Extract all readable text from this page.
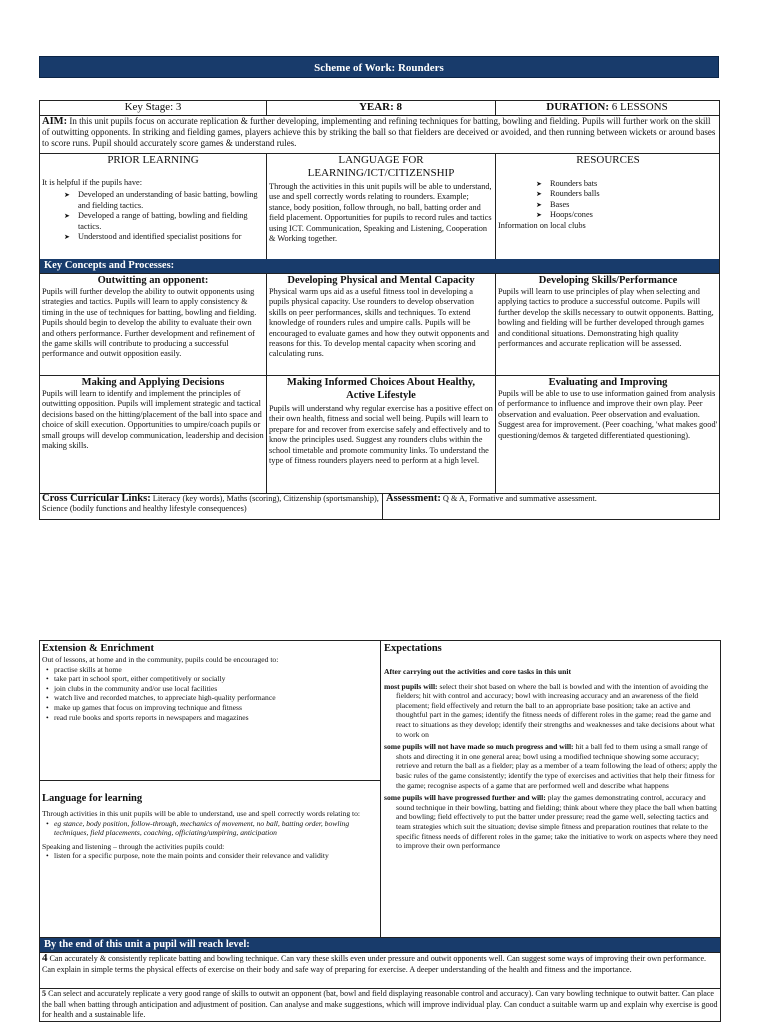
Scheme of Work: Rounders
Key Stage: 3	YEAR: 8	DURATION: 6 LESSONS
AIM: In this unit pupils focus on accurate replication & further developing, implementing and refining techniques for batting, bowling and fielding. Pupils will further work on the skill of outwitting opponents. In striking and fielding games, players achieve this by striking the ball so that fielders are deceived or avoided, and then running between wickets or around bases to score runs. Pupil should accurately score games & understand rules.
PRIOR LEARNING
It is helpful if the pupils have:
➤ Developed an understanding of basic batting, bowling and fielding tactics.
➤ Developed a range of batting, bowling and fielding tactics.
➤ Understood and identified specialist positions for
LANGUAGE FOR LEARNING/ICT/CITIZENSHIP
Through the activities in this unit pupils will be able to understand, use and spell correctly words relating to rounders. Example; stance, body position, follow through, no ball, batting order and field placement. Opportunities for pupils to record rules and tactics using ICT. Communication, Speaking and Listening, Cooperation & Working together.
RESOURCES
➤ Rounders bats
➤ Rounders balls
➤ Bases
➤ Hoops/cones
Information on local clubs
Key Concepts and Processes:
Outwitting an opponent:
Pupils will further develop the ability to outwit opponents using strategies and tactics. Pupils will learn to apply consistency & timing in the use of techniques for batting, bowling and fielding. Pupils should begin to develop the ability to evaluate their own and others performance. Further development and refinement of the game skills will contribute to producing a successful performance and outwit opposition easily.
Developing Physical and Mental Capacity
Physical warm ups aid as a useful fitness tool in developing a pupils physical capacity. Use rounders to develop observation skills on peer performances, skills and techniques. To extend knowledge of rounders rules and umpire calls. Pupils will be encouraged to evaluate games and how they outwit opponents and reasons for this. To develop mental capacity when scoring and calculating runs.
Developing Skills/Performance
Pupils will learn to use principles of play when selecting and applying tactics to produce a successful outcome. Pupils will further develop the skills necessary to outwit opponents. Batting, bowling and fielding will be further developed through games and conditional situations. Demonstrating high quality performances and accurate replication will be assessed.
Making and Applying Decisions
Pupils will learn to identify and implement the principles of outwitting opposition. Pupils will implement strategic and tactical decisions based on the hitting/placement of the ball into space and choice of skill execution. Opportunities to umpire/coach pupils or small groups will develop communication, leadership and decision making skills.
Making Informed Choices About Healthy, Active Lifestyle
Pupils will understand why regular exercise has a positive effect on their own health, fitness and social well being. Pupils will learn to prepare for and recover from exercise safely and effectively and to know the principles used. Suggest any rounders clubs within the school timetable and promote community links. To understand the type of fitness rounders players need to perform at a high level.
Evaluating and Improving
Pupils will be able to use to use information gained from analysis of performance to influence and improve their own play. Peer observation and evaluation. Peer observation and evaluation. Suggest area for improvement. (Peer coaching, 'what makes good' questioning/demos & targeted differentiated questioning).
Cross Curricular Links: Literacy (key words), Maths (scoring), Citizenship (sportsmanship), Science (bodily functions and healthy lifestyle consequences)
Assessment: Q & A, Formative and summative assessment.
Extension & Enrichment
Out of lessons, at home and in the community, pupils could be encouraged to:
• practise skills at home
• take part in school sport, either competitively or socially
• join clubs in the community and/or use local facilities
• watch live and recorded matches, to appreciate high-quality performance
• make up games that focus on improving technique and fitness
• read rule books and sports reports in newspapers and magazines
Language for learning
Through activities in this unit pupils will be able to understand, use and spell correctly words relating to:
• eg stance, body position, follow-through, mechanics of movement, no ball, batting order, bowling techniques, field placements, coaching, officiating/umpiring, anticipation
Speaking and listening – through the activities pupils could:
• listen for a specific purpose, note the main points and consider their relevance and validity
Expectations
After carrying out the activities and core tasks in this unit
most pupils will: select their shot based on where the ball is bowled and with the intention of avoiding the fielders; hit with control and accuracy; bowl with increasing accuracy and an awareness of the field placement; field effectively and return the ball to an appropriate base position; take an active and thoughtful part in the games; identify the fitness needs of different roles in the game; read the game and react to situations as they develop; identify their strengths and weaknesses and take decisions about what to work on
some pupils will not have made so much progress and will: hit a ball fed to them using a small range of shots and directing it in one general area; bowl using a modified technique showing some accuracy; retrieve and return the ball as a fielder; play as a member of a team following the lead of others; apply the basic rules of the game consistently; identify the type of exercises and activities that help their fitness for the game; recognise aspects of a game that are performed well and describe what happens
some pupils will have progressed further and will: play the games demonstrating control, accuracy and sound technique in their bowling, batting and fielding; think about where they place the ball when batting and bowling; field effectively to put the batter under pressure; read the game well, selecting tactics and team strategies which suit the situation; devise simple fitness and preparation routines that relate to the specific fitness needs of different roles in the game; take the initiative to work on aspects where they need to improve their own performance
By the end of this unit a pupil will reach level:
4 Can accurately & consistently replicate batting and bowling technique. Can vary these skills even under pressure and outwit opponents well. Can suggest some ways of improving their own performance. Can explain in simple terms the physical effects of exercise on their body and safe way of preparing for exercise. A deeper understanding of the health and fitness and the importance.
5 Can select and accurately replicate a very good range of skills to outwit an opponent (bat, bowl and field displaying reasonable control and accuracy). Can vary bowling technique to outwit batter. Can place the ball when batting through anticipation and adjustment of position. Can analyse and make suggestions, which will improve individual play. Can conduct a suitable warm up and explain why exercise is good for health and a sustainable life.
